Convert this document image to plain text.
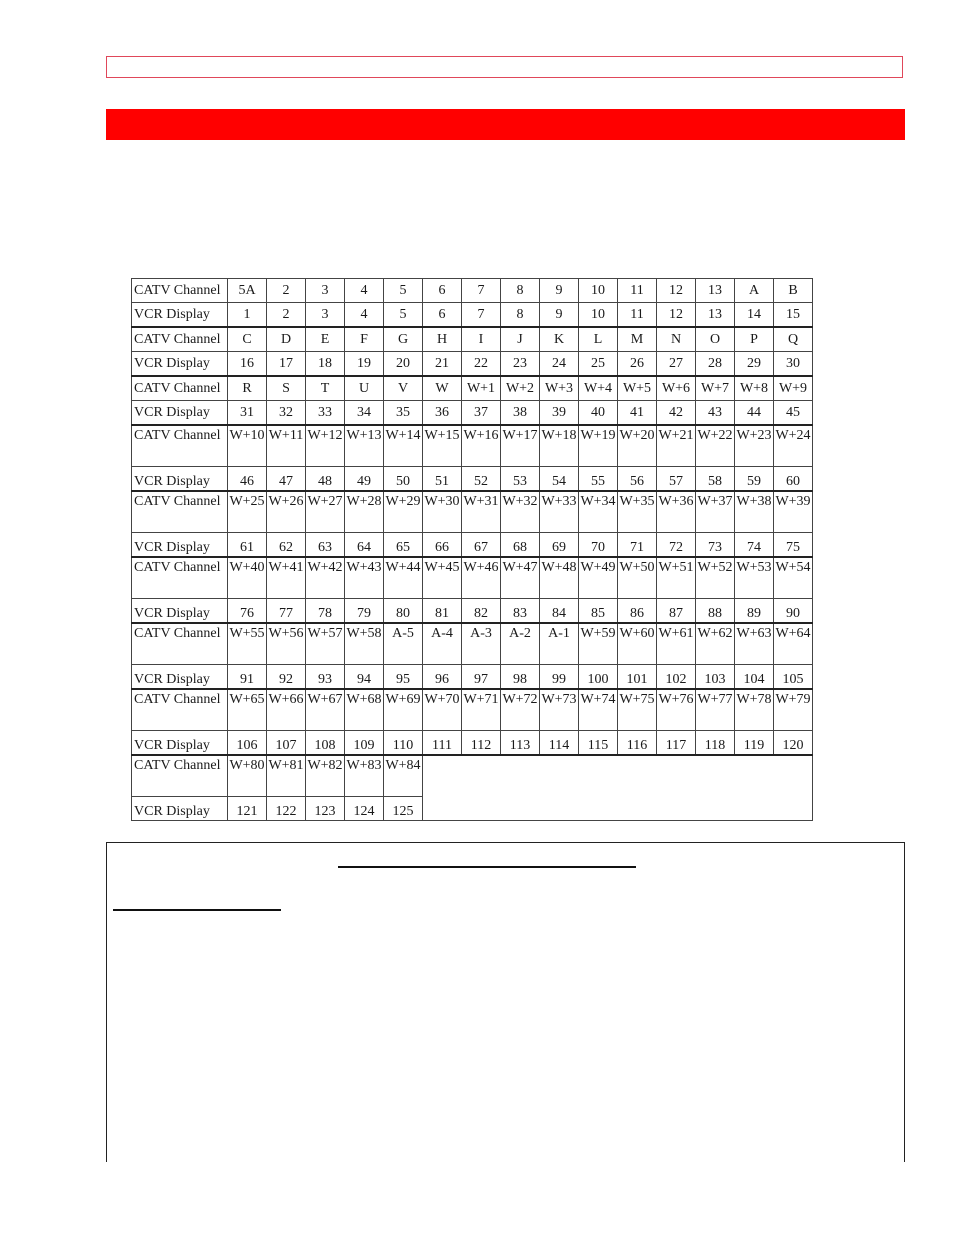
CATV Channel	5A	2	3	4	5	6	7	8	9	10	11	12	13	A	B
VCR Display	1	2	3	4	5	6	7	8	9	10	11	12	13	14	15
CATV Channel	C	D	E	F	G	H	I	J	K	L	M	N	O	P	Q
VCR Display	16	17	18	19	20	21	22	23	24	25	26	27	28	29	30
CATV Channel	R	S	T	U	V	W	W+1	W+2	W+3	W+4	W+5	W+6	W+7	W+8	W+9
VCR Display	31	32	33	34	35	36	37	38	39	40	41	42	43	44	45
CATV Channel	W+10	W+11	W+12	W+13	W+14	W+15	W+16	W+17	W+18	W+19	W+20	W+21	W+22	W+23	W+24
VCR Display	46	47	48	49	50	51	52	53	54	55	56	57	58	59	60
CATV Channel	W+25	W+26	W+27	W+28	W+29	W+30	W+31	W+32	W+33	W+34	W+35	W+36	W+37	W+38	W+39
VCR Display	61	62	63	64	65	66	67	68	69	70	71	72	73	74	75
CATV Channel	W+40	W+41	W+42	W+43	W+44	W+45	W+46	W+47	W+48	W+49	W+50	W+51	W+52	W+53	W+54
VCR Display	76	77	78	79	80	81	82	83	84	85	86	87	88	89	90
CATV Channel	W+55	W+56	W+57	W+58	A-5	A-4	A-3	A-2	A-1	W+59	W+60	W+61	W+62	W+63	W+64
VCR Display	91	92	93	94	95	96	97	98	99	100	101	102	103	104	105
CATV Channel	W+65	W+66	W+67	W+68	W+69	W+70	W+71	W+72	W+73	W+74	W+75	W+76	W+77	W+78	W+79
VCR Display	106	107	108	109	110	111	112	113	114	115	116	117	118	119	120
CATV Channel	W+80	W+81	W+82	W+83	W+84										
VCR Display	121	122	123	124	125										
